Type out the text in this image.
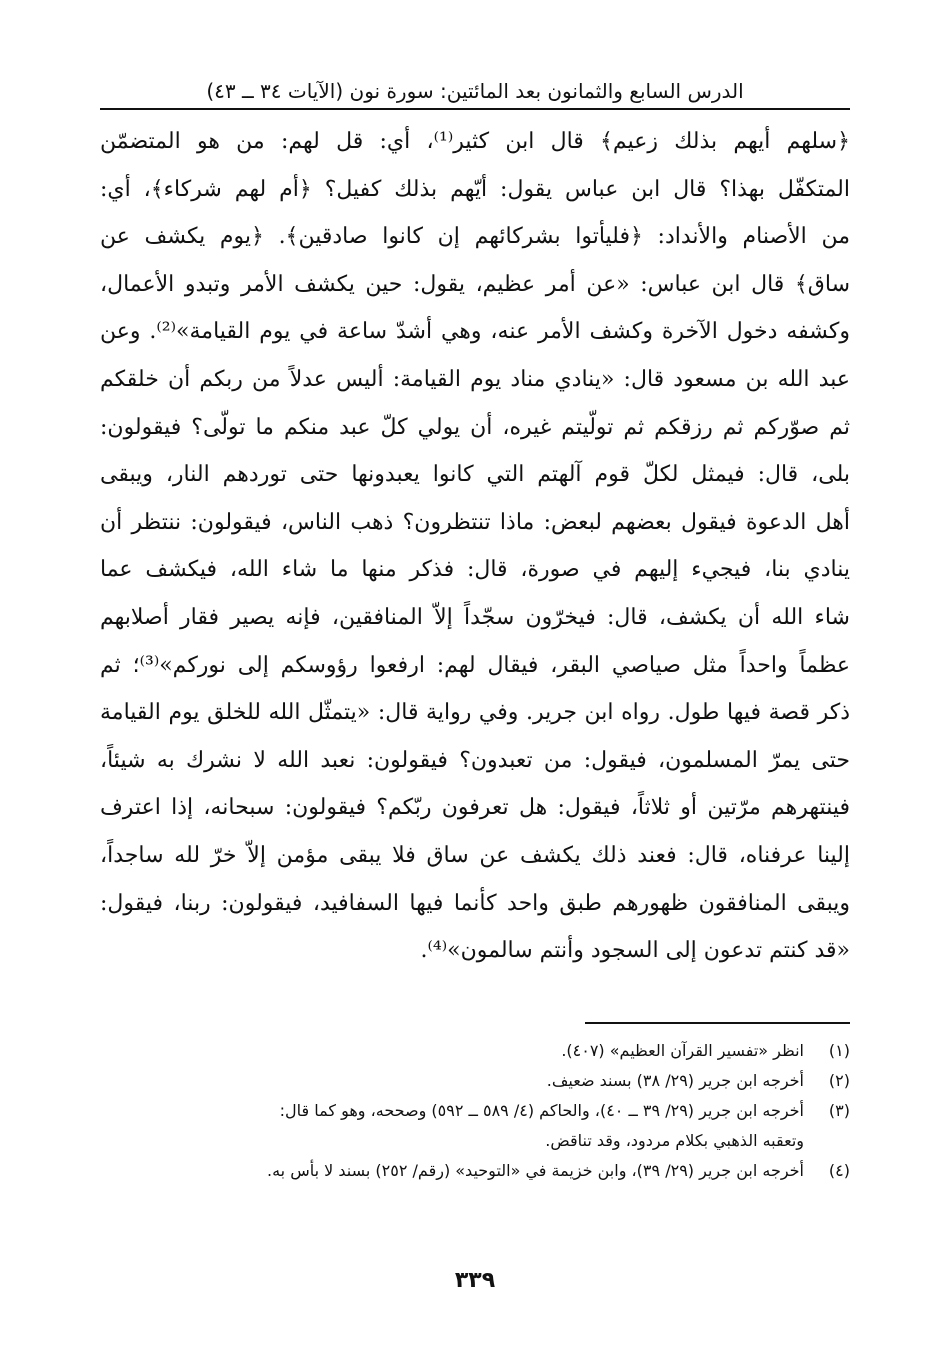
الدرس السابع والثمانون بعد المائتين: سورة نون (الآيات ٣٤ ــ ٤٣)
﴿سلهم أيهم بذلك زعيم﴾ قال ابن كثير⁽¹⁾، أي: قل لهم: من هو المتضمّن
المتكفّل بهذا؟ قال ابن عباس يقول: أيّهم بذلك كفيل؟ ﴿أم لهم شركاء﴾، أي:
من الأصنام والأنداد: ﴿فليأتوا بشركائهم إن كانوا صادقين﴾. ﴿يوم يكشف عن
ساق﴾ قال ابن عباس: «عن أمر عظيم، يقول: حين يكشف الأمر وتبدو الأعمال،
وكشفه دخول الآخرة وكشف الأمر عنه، وهي أشدّ ساعة في يوم القيامة»⁽²⁾. وعن
عبد الله بن مسعود قال: «ينادي مناد يوم القيامة: أليس عدلاً من ربكم أن خلقكم
ثم صوّركم ثم رزقكم ثم تولّيتم غيره، أن يولي كلّ عبد منكم ما تولّى؟ فيقولون:
بلى، قال: فيمثل لكلّ قوم آلهتم التي كانوا يعبدونها حتى توردهم النار، ويبقى
أهل الدعوة فيقول بعضهم لبعض: ماذا تنتظرون؟ ذهب الناس، فيقولون: ننتظر أن
ينادي بنا، فيجيء إليهم في صورة، قال: فذكر منها ما شاء الله، فيكشف عما
شاء الله أن يكشف، قال: فيخرّون سجّداً إلاّ المنافقين، فإنه يصير فقار أصلابهم
عظماً واحداً مثل صياصي البقر، فيقال لهم: ارفعوا رؤوسكم إلى نوركم»⁽³⁾؛ ثم
ذكر قصة فيها طول. رواه ابن جرير. وفي رواية قال: «يتمثّل الله للخلق يوم القيامة
حتى يمرّ المسلمون، فيقول: من تعبدون؟ فيقولون: نعبد الله لا نشرك به شيئاً،
فينتهرهم مرّتين أو ثلاثاً، فيقول: هل تعرفون ربّكم؟ فيقولون: سبحانه، إذا اعترف
إلينا عرفناه، قال: فعند ذلك يكشف عن ساق فلا يبقى مؤمن إلاّ خرّ لله ساجداً،
ويبقى المنافقون ظهورهم طبق واحد كأنما فيها السفافيد، فيقولون: ربنا، فيقول:
«قد كنتم تدعون إلى السجود وأنتم سالمون»⁽⁴⁾.
(١)انظر «تفسير القرآن العظيم» (٤٠٧).
(٢)أخرجه ابن جرير (٢٩/ ٣٨) بسند ضعيف.
(٣)أخرجه ابن جرير (٢٩/ ٣٩ ــ ٤٠)، والحاكم (٤/ ٥٨٩ ــ ٥٩٢) وصححه، وهو كما قال:
وتعقبه الذهبي بكلام مردود، وقد تناقض.
(٤)أخرجه ابن جرير (٢٩/ ٣٩)، وابن خزيمة في «التوحيد» (رقم/ ٢٥٢) بسند لا بأس به.
٣٣٩
